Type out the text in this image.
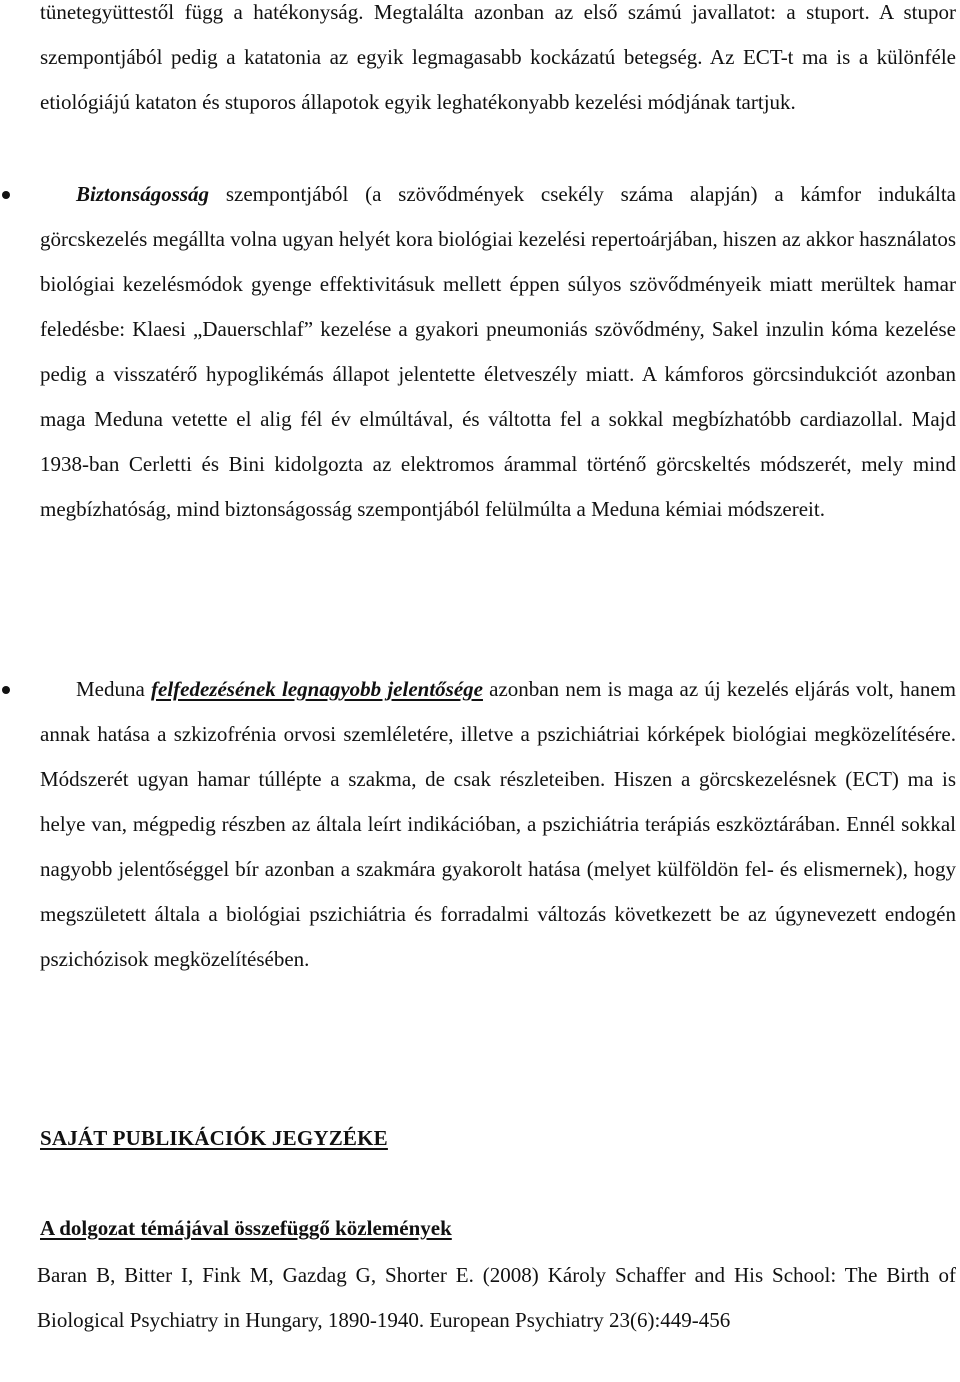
tünetegyüttestől függ a hatékonyság. Megtalálta azonban az első számú javallatot: a stuport. A stupor szempontjából pedig a katatonia az egyik legmagasabb kockázatú betegség. Az ECT-t ma is a különféle etiológiájú kataton és stuporos állapotok egyik leghatékonyabb kezelési módjának tartjuk.

Biztonságosság szempontjából (a szövődmények csekély száma alapján) a kámfor indukálta görcskezelés megállta volna ugyan helyét kora biológiai kezelési repertoárjában, hiszen az akkor használatos biológiai kezelésmódok gyenge effektivitásuk mellett éppen súlyos szövődményeik miatt merültek hamar feledésbe: Klaesi „Dauerschlaf” kezelése a gyakori pneumoniás szövődmény, Sakel inzulin kóma kezelése pedig a visszatérő hypoglikémás állapot jelentette életveszély miatt. A kámforos görcsindukciót azonban maga Meduna vetette el alig fél év elmúltával, és váltotta fel a sokkal megbízhatóbb cardiazollal. Majd 1938-ban Cerletti és Bini kidolgozta az elektromos árammal történő görcskeltés módszerét, mely mind megbízhatóság, mind biztonságosság szempontjából felülmúlta a Meduna kémiai módszereit.

Meduna felfedezésének legnagyobb jelentősége azonban nem is maga az új kezelés eljárás volt, hanem annak hatása a szkizofrénia orvosi szemléletére, illetve a pszichiátriai kórképek biológiai megközelítésére. Módszerét ugyan hamar túllépte a szakma, de csak részleteiben. Hiszen a görcskezelésnek (ECT) ma is helye van, mégpedig részben az általa leírt indikációban, a pszichiátria terápiás eszköztárában. Ennél sokkal nagyobb jelentőséggel bír azonban a szakmára gyakorolt hatása (melyet külföldön fel- és elismernek), hogy megszületett általa a biológiai pszichiátria és forradalmi változás következett be az úgynevezett endogén pszichózisok megközelítésében.

SAJÁT PUBLIKÁCIÓK JEGYZÉKE
A dolgozat témájával összefüggő közlemények

Baran B, Bitter I, Fink M, Gazdag G, Shorter E. (2008) Károly Schaffer and His School: The Birth of Biological Psychiatry in Hungary, 1890-1940. European Psychiatry 23(6):449-456
